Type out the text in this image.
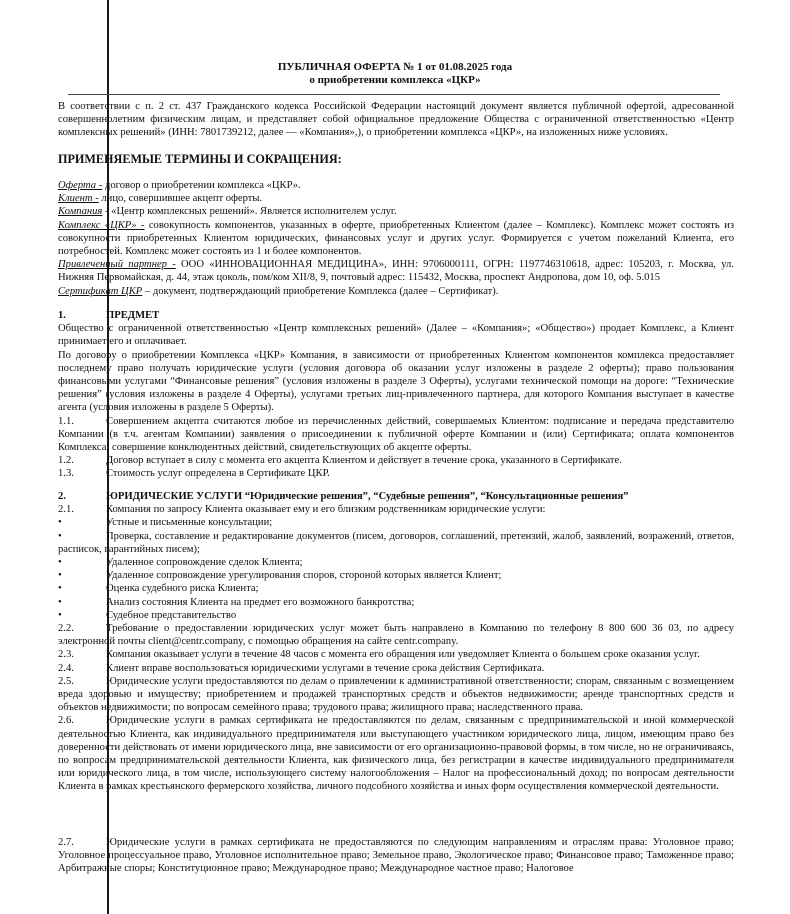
ПУБЛИЧНАЯ ОФЕРТА № 1 от 01.08.2025 года
о приобретении комплекса «ЦКР»
В соответствии с п. 2 ст. 437 Гражданского кодекса Российской Федерации настоящий документ является публичной офертой, адресованной совершеннолетним физическим лицам, и представляет собой официальное предложение Общества с ограниченной ответственностью «Центр комплексных решений» (ИНН: 7801739212, далее — «Компания»,), о приобретении комплекса «ЦКР», на изложенных ниже условиях.
ПРИМЕНЯЕМЫЕ ТЕРМИНЫ И СОКРАЩЕНИЯ:
Оферта - договор о приобретении комплекса «ЦКР».
Клиент - лицо, совершившее акцепт оферты.
Компания - «Центр комплексных решений». Является исполнителем услуг.
Комплекс «ЦКР» - совокупность компонентов, указанных в оферте, приобретенных Клиентом (далее – Комплекс). Комплекс может состоять из совокупности приобретенных Клиентом юридических, финансовых услуг и других услуг. Формируется с учетом пожеланий Клиента, его потребностей. Комплекс может состоять из 1 и более компонентов.
Привлеченный партнер - ООО «ИННОВАЦИОННАЯ МЕДИЦИНА», ИНН: 9706000111, ОГРН: 1197746310618, адрес: 105203, г. Москва, ул. Нижняя Первомайская, д. 44, этаж цоколь, пом/ком XII/8, 9, почтовый адрес: 115432, Москва, проспект Андропова, дом 10, оф. 5.015
Сертификат ЦКР – документ, подтверждающий приобретение Комплекса (далее – Сертификат).
1.	ПРЕДМЕТ
Общество с ограниченной ответственностью «Центр комплексных решений» (Далее – «Компания»; «Общество») продает Комплекс, а Клиент принимает его и оплачивает.
По договору о приобретении Комплекса «ЦКР» Компания, в зависимости от приобретенных Клиентом компонентов комплекса предоставляет последнему право получать юридические услуги (условия договора об оказании услуг изложены в разделе 2 оферты); право пользования финансовыми услугами “Финансовые решения” (условия изложены в разделе 3 Оферты), услугами технической помощи на дороге: “Технические решения” (условия изложены в разделе 4 Оферты), услугами третьих лиц-привлеченного партнера, для которого Компания выступает в качестве агента (условия изложены в разделе 5 Оферты).
1.1.	Совершением акцепта считаются любое из перечисленных действий, совершаемых Клиентом: подписание и передача представителю Компании (в т.ч. агентам Компании) заявления о присоединении к публичной оферте Компании и (или) Сертификата; оплата компонентов Комплекса; совершение конклюдентных действий, свидетельствующих об акцепте оферты.
1.2.	Договор вступает в силу с момента его акцепта Клиентом и действует в течение срока, указанного в Сертификате.
1.3.	Стоимость услуг определена в Сертификате ЦКР.
2.	ЮРИДИЧЕСКИЕ УСЛУГИ “Юридические решения”, “Судебные решения”, “Консультационные решения”
2.1.	Компания по запросу Клиента оказывает ему и его близким родственникам юридические услуги:
•	Устные и письменные консультации;
•	Проверка, составление и редактирование документов (писем, договоров, соглашений, претензий, жалоб, заявлений, возражений, ответов, расписок, гарантийных писем);
•	Удаленное сопровождение сделок Клиента;
•	Удаленное сопровождение урегулирования споров, стороной которых является Клиент;
•	Оценка судебного риска Клиента;
•	Анализ состояния Клиента на предмет его возможного банкротства;
•	Судебное представительство
2.2.	Требование о предоставлении юридических услуг может быть направлено в Компанию по телефону 8 800 600 36 03, по адресу электронной почты client@centr.company, с помощью обращения на сайте centr.company.
2.3.	Компания оказывает услуги в течение 48 часов с момента его обращения или уведомляет Клиента о большем сроке оказания услуг.
2.4.	Клиент вправе воспользоваться юридическими услугами в течение срока действия Сертификата.
2.5.	Юридические услуги предоставляются по делам о привлечении к административной ответственности; спорам, связанным с возмещением вреда здоровью и имуществу; приобретением и продажей транспортных средств и объектов недвижимости; аренде транспортных средств и объектов недвижимости; по вопросам семейного права; трудового права; жилищного права; наследственного права.
2.6.	Юридические услуги в рамках сертификата не предоставляются по делам, связанным с предпринимательской и иной коммерческой деятельностью Клиента, как индивидуального предпринимателя или выступающего участником юридического лица, лицом, имеющим право без доверенности действовать от имени юридического лица, вне зависимости от его организационно-правовой формы, в том числе, но не ограничиваясь, по вопросам предпринимательской деятельности Клиента, как физического лица, без регистрации в качестве индивидуального предпринимателя или юридического лица, в том числе, использующего систему налогообложения – Налог на профессиональный доход; по вопросам деятельности Клиента в рамках крестьянского фермерского хозяйства, личного подсобного хозяйства и иных форм осуществления коммерческой деятельности.
2.7.	Юридические услуги в рамках сертификата не предоставляются по следующим направлениям и отраслям права: Уголовное право; Уголовное процессуальное право, Уголовное исполнительное право; Земельное право, Экологическое право; Финансовое право; Таможенное право; Арбитражные споры; Конституционное право; Международное право; Международное частное право; Налоговое
